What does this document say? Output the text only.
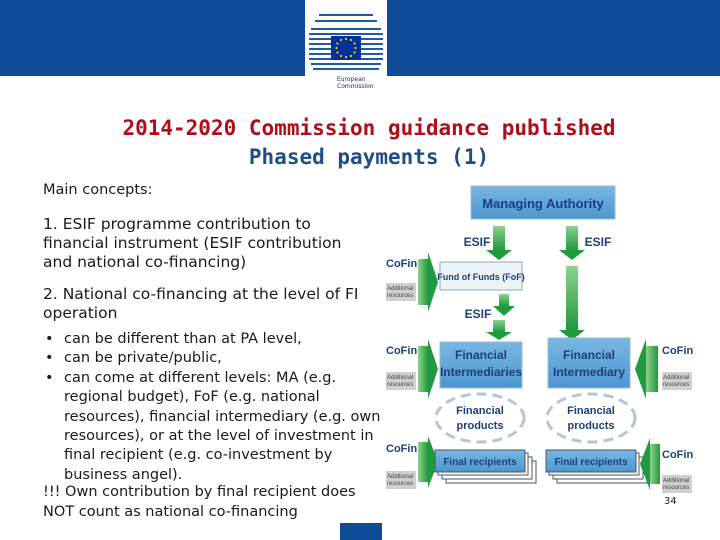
European
Commission
2014-2020 Commission guidance published
Phased payments (1)
Main concepts:
1. ESIF programme contribution to financial instrument (ESIF contribution and national co-financing)
2. National co-financing at the level of FI operation
• can be different than at PA level,
• can be private/public,
• can come at different levels: MA (e.g. regional budget), FoF (e.g. national resources), financial intermediary (e.g. own resources), or at the level of investment in final recipient (e.g. co-investment by business angel).
!!! Own contribution by final recipient does NOT count as national co-financing
Managing Authority
ESIF	ESIF
CoFin
Additional resources
Fund of Funds (FoF)
ESIF
CoFin
Additional resources
Financial Intermediaries
Financial Intermediary
CoFin
Additional resources
Financial products
Financial products
CoFin
Additional resources
Final recipients	Final recipients
CoFin
Additional resources
34
